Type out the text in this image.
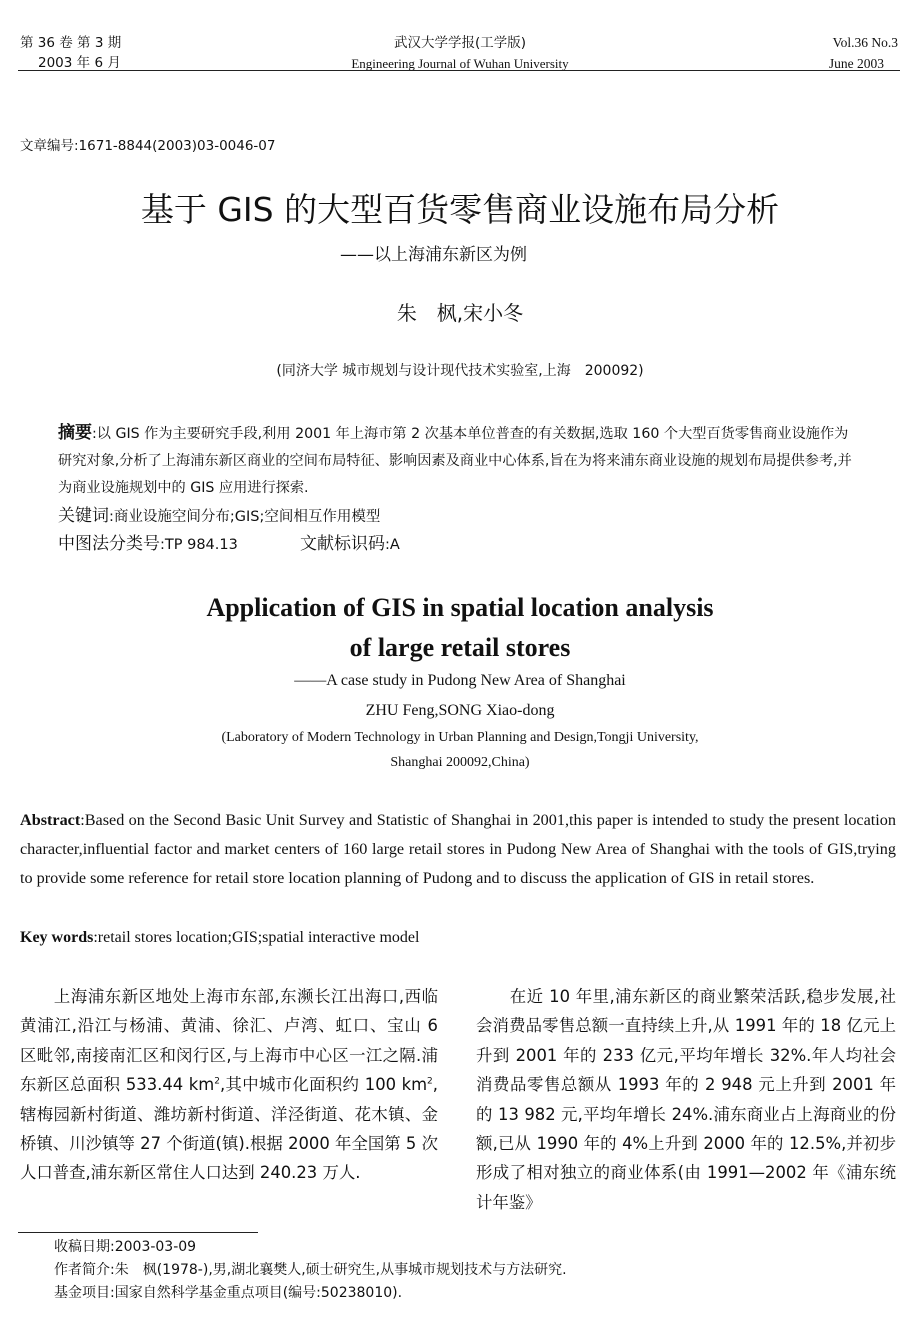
第 36 卷 第 3 期
2003 年 6 月
武汉大学学报(工学版)
Engineering Journal of Wuhan University
Vol.36 No.3
June 2003
文章编号:1671-8844(2003)03-0046-07
基于 GIS 的大型百货零售商业设施布局分析
——以上海浦东新区为例
朱　枫,宋小冬
(同济大学 城市规划与设计现代技术实验室,上海　200092)
摘要:以 GIS 作为主要研究手段,利用 2001 年上海市第 2 次基本单位普查的有关数据,选取 160 个大型百货零售商业设施作为研究对象,分析了上海浦东新区商业的空间布局特征、影响因素及商业中心体系,旨在为将来浦东商业设施的规划布局提供参考,并为商业设施规划中的 GIS 应用进行探索.
关键词:商业设施空间分布;GIS;空间相互作用模型
中图法分类号:TP 984.13	文献标识码:A
Application of GIS in spatial location analysis
of large retail stores
——A case study in Pudong New Area of Shanghai
ZHU Feng,SONG Xiao-dong
(Laboratory of Modern Technology in Urban Planning and Design,Tongji University,
Shanghai 200092,China)
Abstract:Based on the Second Basic Unit Survey and Statistic of Shanghai in 2001,this paper is intended to study the present location character,influential factor and market centers of 160 large retail stores in Pudong New Area of Shanghai with the tools of GIS,trying to provide some reference for retail store location planning of Pudong and to discuss the application of GIS in retail stores.
Key words:retail stores location;GIS;spatial interactive model

　　上海浦东新区地处上海市东部,东濒长江出海口,西临黄浦江,沿江与杨浦、黄浦、徐汇、卢湾、虹口、宝山 6 区毗邻,南接南汇区和闵行区,与上海市中心区一江之隔.浦东新区总面积 533.44 $km^2$,其中城市化面积约 100 $km^2$,辖梅园新村街道、潍坊新村街道、洋泾街道、花木镇、金桥镇、川沙镇等 27 个街道(镇).根据 2000 年全国第 5 次人口普查,浦东新区常住人口达到 240.23 万人.

　　在近 10 年里,浦东新区的商业繁荣活跃,稳步发展,社会消费品零售总额一直持续上升,从 1991 年的 18 亿元上升到 2001 年的 233 亿元,平均年增长 32%.年人均社会消费品零售总额从 1993 年的 2 948 元上升到 2001 年的 13 982 元,平均年增长 24%.浦东商业占上海商业的份额,已从 1990 年的 4%上升到 2000 年的 12.5%,并初步形成了相对独立的商业体系(由 1991—2002 年《浦东统计年鉴》

收稿日期:2003-03-09
作者简介:朱　枫(1978-),男,湖北襄樊人,硕士研究生,从事城市规划技术与方法研究.
基金项目:国家自然科学基金重点项目(编号:50238010).
